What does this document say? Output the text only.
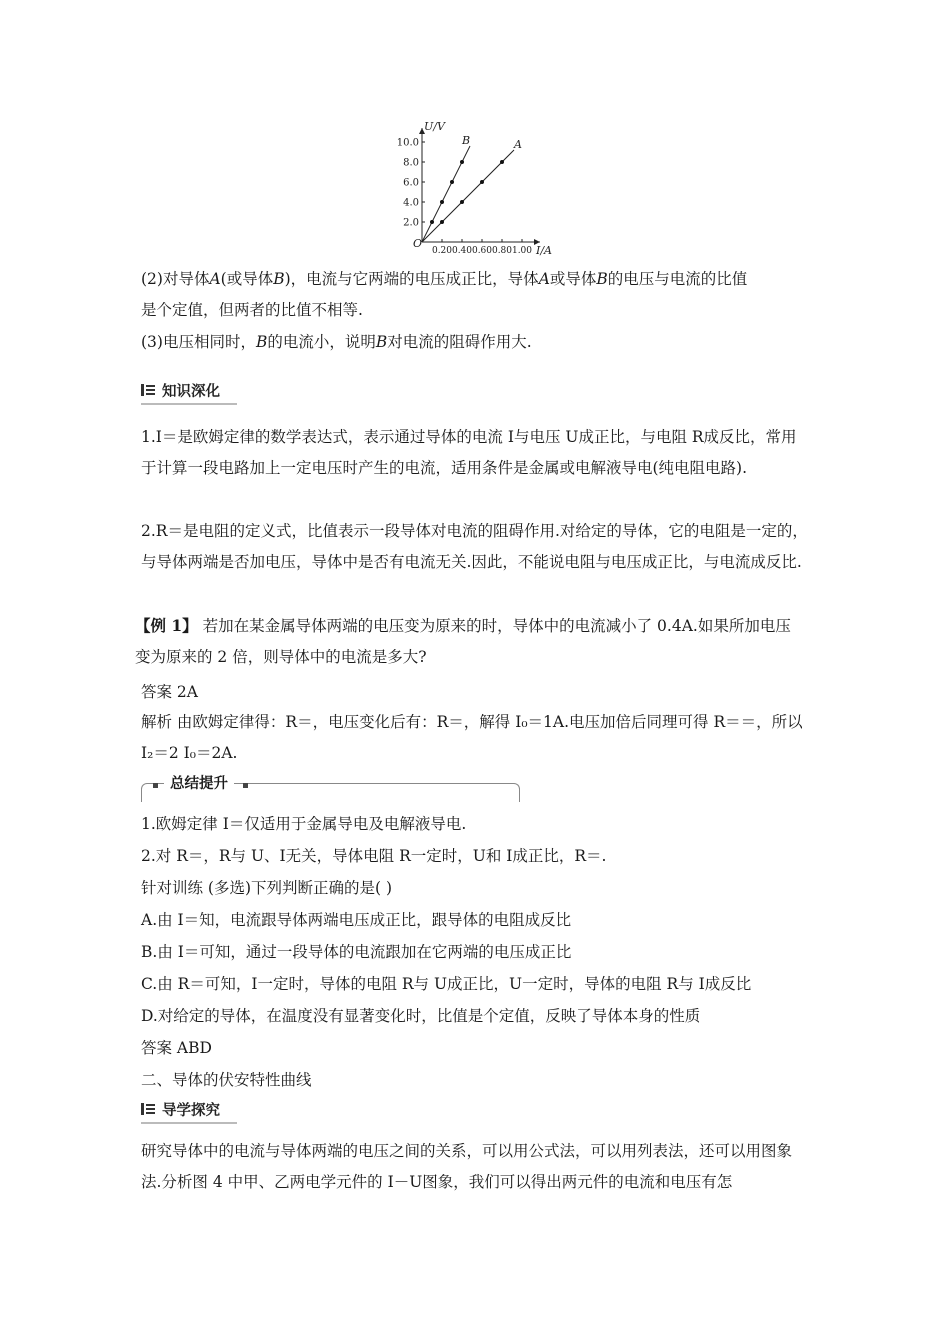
2.0
4.0
6.0
8.0
10.0
0.20 0.40 0.60 0.80 1.00
O
U/V
I/A
B	A
(2)对导体A(或导体B)，电流与它两端的电压成正比，导体A或导体B的电压与电流的比值
是个定值，但两者的比值不相等.
(3)电压相同时，B的电流小，说明B对电流的阻碍作用大.
知识深化
1.I＝是欧姆定律的数学表达式，表示通过导体的电流 I与电压 U成正比，与电阻 R成反比，常用于计算一段电路加上一定电压时产生的电流，适用条件是金属或电解液导电(纯电阻电路).
2.R＝是电阻的定义式，比值表示一段导体对电流的阻碍作用.对给定的导体，它的电阻是一定的，与导体两端是否加电压，导体中是否有电流无关.因此，不能说电阻与电压成正比，与电流成反比.
【例 1】 若加在某金属导体两端的电压变为原来的时，导体中的电流减小了 0.4A.如果所加电压变为原来的 2 倍，则导体中的电流是多大?
答案 2A
解析 由欧姆定律得：R＝，电压变化后有：R＝，解得 I₀＝1A.电压加倍后同理可得 R＝＝，所以 I₂＝2 I₀＝2A.
总结提升
1.欧姆定律 I＝仅适用于金属导电及电解液导电.
2.对 R＝，R与 U、I无关，导体电阻 R一定时，U和 I成正比，R＝.
针对训练 (多选)下列判断正确的是( )
A.由 I＝知，电流跟导体两端电压成正比，跟导体的电阻成反比
B.由 I＝可知，通过一段导体的电流跟加在它两端的电压成正比
C.由 R＝可知，I一定时，导体的电阻 R与 U成正比，U一定时，导体的电阻 R与 I成反比
D.对给定的导体，在温度没有显著变化时，比值是个定值，反映了导体本身的性质
答案 ABD
二、导体的伏安特性曲线
导学探究
研究导体中的电流与导体两端的电压之间的关系，可以用公式法，可以用列表法，还可以用图象法.分析图 4 中甲、乙两电学元件的 I－U图象，我们可以得出两元件的电流和电压有怎
